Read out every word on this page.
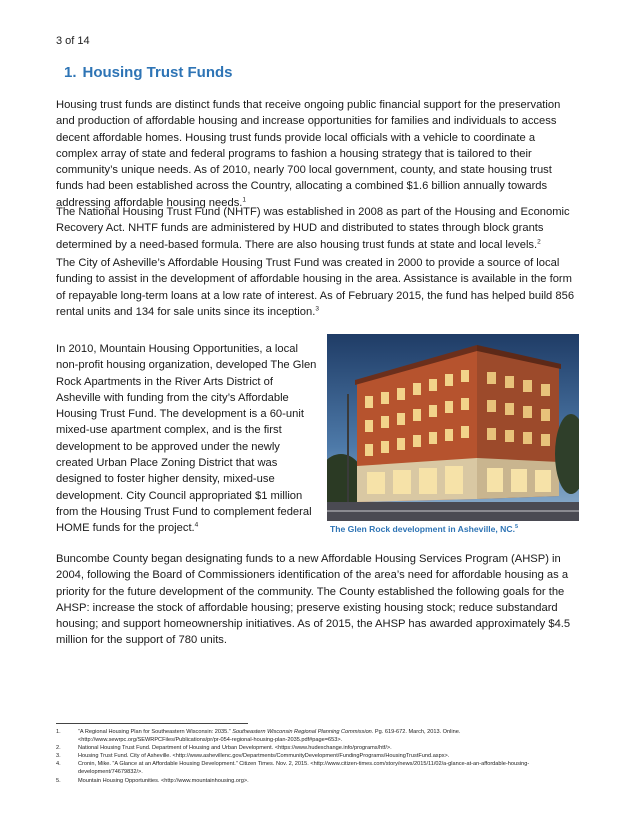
3 of 14
1. Housing Trust Funds
Housing trust funds are distinct funds that receive ongoing public financial support for the preservation and production of affordable housing and increase opportunities for families and individuals to access decent affordable homes. Housing trust funds provide local officials with a vehicle to coordinate a complex array of state and federal programs to fashion a housing strategy that is tailored to their community’s unique needs. As of 2010, nearly 700 local government, county, and state housing trust funds had been established across the Country, allocating a combined $1.6 billion annually towards addressing affordable housing needs.$^1$
The National Housing Trust Fund (NHTF) was established in 2008 as part of the Housing and Economic Recovery Act. NHTF funds are administered by HUD and distributed to states through block grants determined by a need-based formula. There are also housing trust funds at state and local levels.$^2$
The City of Asheville’s Affordable Housing Trust Fund was created in 2000 to provide a source of local funding to assist in the development of affordable housing in the area. Assistance is available in the form of repayable long-term loans at a low rate of interest. As of February 2015, the fund has helped build 856 rental units and 134 for sale units since its inception.$^3$
In 2010, Mountain Housing Opportunities, a local non-profit housing organization, developed The Glen Rock Apartments in the River Arts District of Asheville with funding from the city’s Affordable Housing Trust Fund. The development is a 60-unit mixed-use apartment complex, and is the first development to be approved under the newly created Urban Place Zoning District that was designed to foster higher density, mixed-use development. City Council appropriated $1 million from the Housing Trust Fund to complement federal HOME funds for the project.$^4$	The Glen Rock development in Asheville, NC.$^5$
Buncombe County began designating funds to a new Affordable Housing Services Program (AHSP) in 2004, following the Board of Commissioners identification of the area’s need for affordable housing as a priority for the future development of the community. The County established the following goals for the AHSP: increase the stock of affordable housing; preserve existing housing stock; reduce substandard housing; and support homeownership initiatives. As of 2015, the AHSP has awarded approximately $4.5 million for the support of 780 units.
1.	“A Regional Housing Plan for Southeastern Wisconsin: 2035.” Southeastern Wisconsin Regional Planning Commission. Pg. 619-672. March, 2013. Online. <http://www.sewrpc.org/SEWRPCFiles/Publications/pr/pr-054-regional-housing-plan-2035.pdf#page=653>.
2.	National Housing Trust Fund. Department of Housing and Urban Development. <https://www.hudexchange.info/programs/htf/>.
3.	Housing Trust Fund. City of Asheville. <http://www.ashevillenc.gov/Departments/CommunityDevelopment/FundingPrograms/HousingTrustFund.aspx>.
4.	Cronin, Mike. “A Glance at an Affordable Housing Development.” Citizen Times. Nov. 2, 2015. <http://www.citizen-times.com/story/news/2015/11/02/a-glance-at-an-affordable-housing-development/74679832/>.
5.	Mountain Housing Opportunities. <http://www.mountainhousing.org>.
